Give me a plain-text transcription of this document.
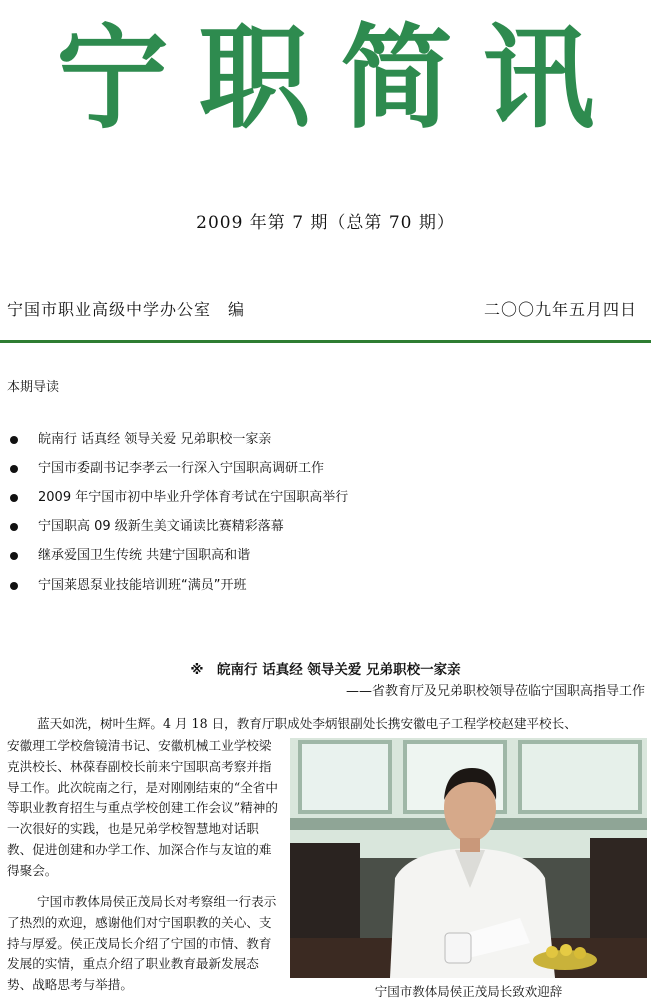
宁职简讯
2009 年第 7 期（总第 70 期）
宁国市职业高级中学办公室　编	二〇〇九年五月四日
本期导读
皖南行 话真经 领导关爱 兄弟职校一家亲
宁国市委副书记李孝云一行深入宁国职高调研工作
2009 年宁国市初中毕业升学体育考试在宁国职高举行
宁国职高 09 级新生美文诵读比赛精彩落幕
继承爱国卫生传统 共建宁国职高和谐
宁国莱恩泵业技能培训班“满员”开班
※　皖南行 话真经 领导关爱 兄弟职校一家亲
——省教育厅及兄弟职校领导莅临宁国职高指导工作
蓝天如洗，树叶生辉。4 月 18 日，教育厅职成处李炳银副处长携安徽电子工程学校赵建平校长、
安徽理工学校詹镜清书记、安徽机械工业学校梁克洪校长、林葆春副校长前来宁国职高考察并指导工作。此次皖南之行，是对刚刚结束的“全省中等职业教育招生与重点学校创建工作会议”精神的一次很好的实践，也是兄弟学校智慧地对话职教、促进创建和办学工作、加深合作与友谊的难得聚会。
宁国市教体局侯正茂局长对考察组一行表示了热烈的欢迎，感谢他们对宁国职教的关心、支持与厚爱。侯正茂局长介绍了宁国的市情、教育发展的实情，重点介绍了职业教育最新发展态势、战略思考与举措。	宁国市教体局侯正茂局长致欢迎辞
